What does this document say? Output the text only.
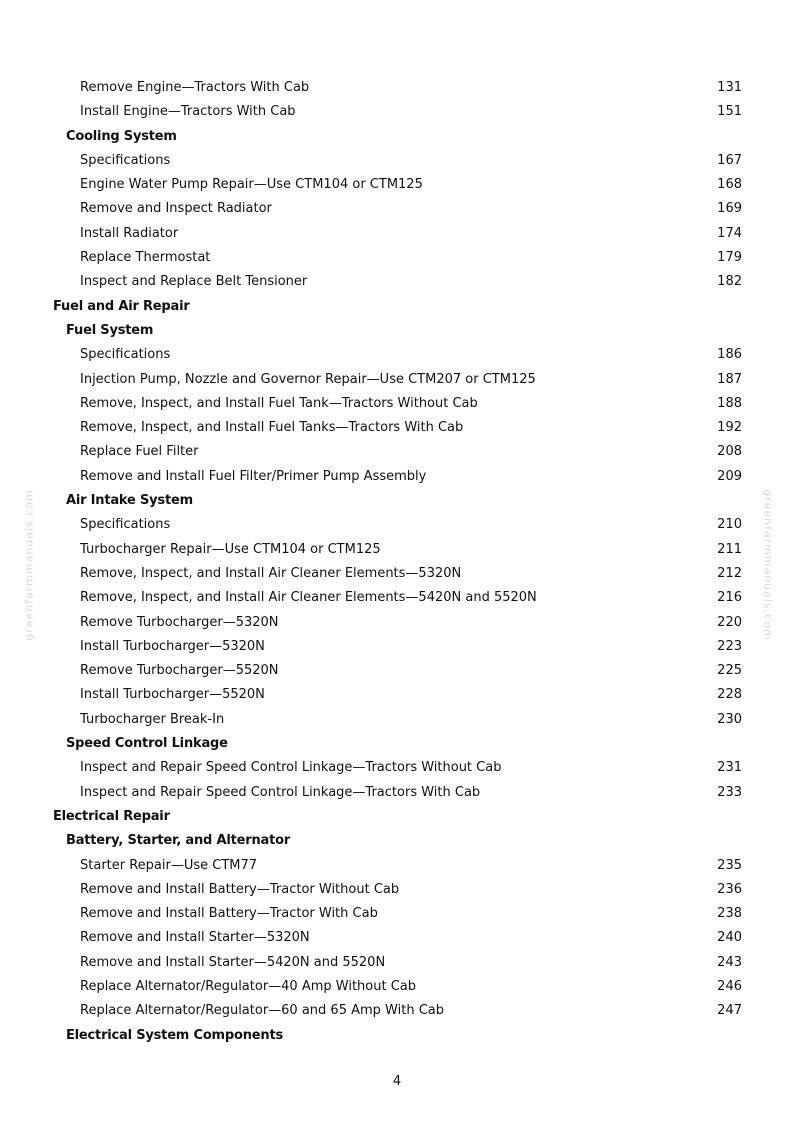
Remove Engine—Tractors With Cab	131
Install Engine—Tractors With Cab	151
Cooling System
Specifications	167
Engine Water Pump Repair—Use CTM104 or CTM125	168
Remove and Inspect Radiator	169
Install Radiator	174
Replace Thermostat	179
Inspect and Replace Belt Tensioner	182
Fuel and Air Repair
Fuel System
Specifications	186
Injection Pump, Nozzle and Governor Repair—Use CTM207 or CTM125	187
Remove, Inspect, and Install Fuel Tank—Tractors Without Cab	188
Remove, Inspect, and Install Fuel Tanks—Tractors With Cab	192
Replace Fuel Filter	208
Remove and Install Fuel Filter/Primer Pump Assembly	209
Air Intake System
Specifications	210
Turbocharger Repair—Use CTM104 or CTM125	211
Remove, Inspect, and Install Air Cleaner Elements—5320N	212
Remove, Inspect, and Install Air Cleaner Elements—5420N and 5520N	216
Remove Turbocharger—5320N	220
Install Turbocharger—5320N	223
Remove Turbocharger—5520N	225
Install Turbocharger—5520N	228
Turbocharger Break-In	230
Speed Control Linkage
Inspect and Repair Speed Control Linkage—Tractors Without Cab	231
Inspect and Repair Speed Control Linkage—Tractors With Cab	233
Electrical Repair
Battery, Starter, and Alternator
Starter Repair—Use CTM77	235
Remove and Install Battery—Tractor Without Cab	236
Remove and Install Battery—Tractor With Cab	238
Remove and Install Starter—5320N	240
Remove and Install Starter—5420N and 5520N	243
Replace Alternator/Regulator—40 Amp Without Cab	246
Replace Alternator/Regulator—60 and 65 Amp With Cab	247
Electrical System Components
4
greenfarmmanuals.com	greenfarmmanuals.com
